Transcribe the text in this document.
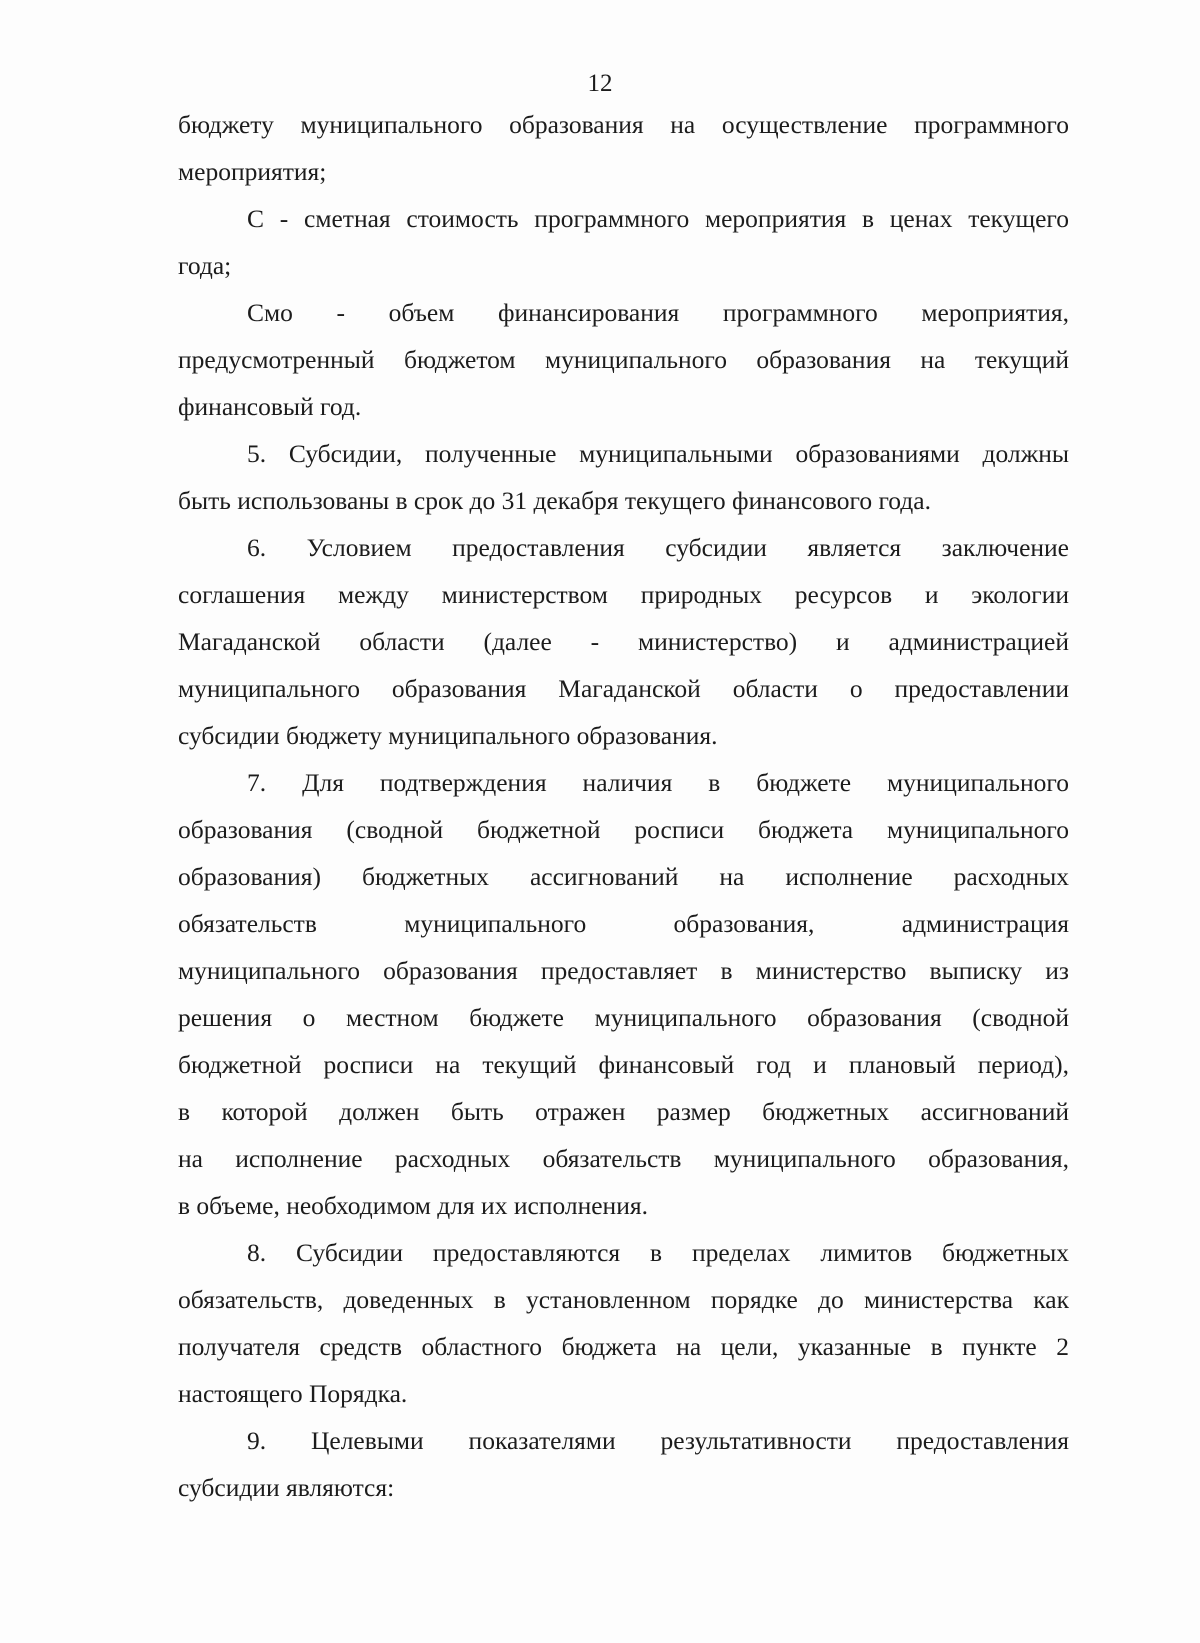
12
бюджету муниципального образования на осуществление программного
мероприятия;
С - сметная стоимость программного мероприятия в ценах текущего
года;
Смо - объем финансирования программного мероприятия,
предусмотренный бюджетом муниципального образования на текущий
финансовый год.
5. Субсидии, полученные муниципальными образованиями должны
быть использованы в срок до 31 декабря текущего финансового года.
6. Условием предоставления субсидии является заключение
соглашения между министерством природных ресурсов и экологии
Магаданской области (далее - министерство) и администрацией
муниципального образования Магаданской области о предоставлении
субсидии бюджету муниципального образования.
7. Для подтверждения наличия в бюджете муниципального
образования (сводной бюджетной росписи бюджета муниципального
образования) бюджетных ассигнований на исполнение расходных
обязательств муниципального образования, администрация
муниципального образования предоставляет в министерство выписку из
решения о местном бюджете муниципального образования (сводной
бюджетной росписи на текущий финансовый год и плановый период),
в которой должен быть отражен размер бюджетных ассигнований
на исполнение расходных обязательств муниципального образования,
в объеме, необходимом для их исполнения.
8. Субсидии предоставляются в пределах лимитов бюджетных
обязательств, доведенных в установленном порядке до министерства как
получателя средств областного бюджета на цели, указанные в пункте 2
настоящего Порядка.
9. Целевыми показателями результативности предоставления
субсидии являются:
